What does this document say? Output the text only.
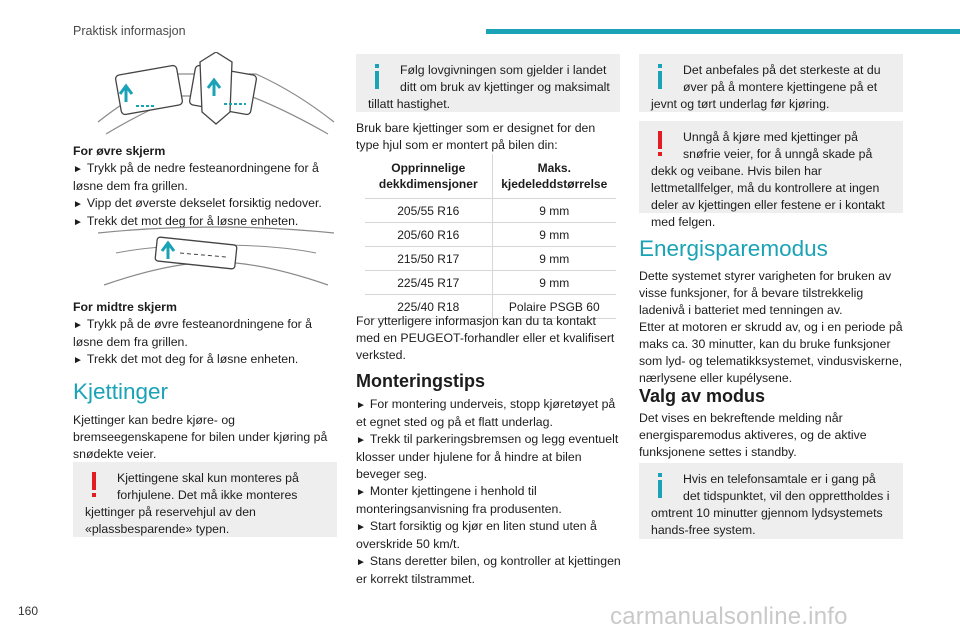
Praktisk informasjon

For øvre skjerm

► Trykk på de nedre festeanordningene for å løsne dem fra grillen.

► Vipp det øverste dekselet forsiktig nedover.

► Trekk det mot deg for å løsne enheten.

For midtre skjerm

► Trykk på de øvre festeanordningene for å løsne dem fra grillen.

► Trekk det mot deg for å løsne enheten.

Kjettinger
Kjettinger kan bedre kjøre- og bremseegenskapene for bilen under kjøring på snødekte veier.
Kjettingene skal kun monteres på forhjulene. Det må ikke monteres kjettinger på reservehjul av den «plassbesparende» typen.
Følg lovgivningen som gjelder i landet ditt om bruk av kjettinger og maksimalt tillatt hastighet.
Bruk bare kjettinger som er designet for den type hjul som er montert på bilen din:
Opprinnelige dekkdimensjoner	Maks. kjedeleddstørrelse
205/55 R16	9 mm
205/60 R16	9 mm
215/50 R17	9 mm
225/45 R17	9 mm
225/40 R18	Polaire PSGB 60
For ytterligere informasjon kan du ta kontakt med en PEUGEOT-forhandler eller et kvalifisert verksted.
Monteringstips

► For montering underveis, stopp kjøretøyet på et egnet sted og på et flatt underlag.

► Trekk til parkeringsbremsen og legg eventuelt klosser under hjulene for å hindre at bilen beveger seg.

► Monter kjettingene i henhold til monteringsanvisning fra produsenten.

► Start forsiktig og kjør en liten stund uten å overskride 50 km/t.

► Stans deretter bilen, og kontroller at kjettingen er korrekt tilstrammet.

Det anbefales på det sterkeste at du øver på å montere kjettingene på et jevnt og tørt underlag før kjøring.
Unngå å kjøre med kjettinger på snøfrie veier, for å unngå skade på dekk og veibane. Hvis bilen har lettmetallfelger, må du kontrollere at ingen deler av kjettingen eller festene er i kontakt med felgen.
Energisparemodus

Dette systemet styrer varigheten for bruken av visse funksjoner, for å bevare tilstrekkelig ladenivå i batteriet med tenningen av.

Etter at motoren er skrudd av, og i en periode på maks ca. 30 minutter, kan du bruke funksjoner som lyd- og telematikksystemet, vindusviskerne, nærlysene eller kupélysene.

Valg av modus
Det vises en bekreftende melding når energisparemodus aktiveres, og de aktive funksjonene settes i standby.
Hvis en telefonsamtale er i gang på det tidspunktet, vil den opprettholdes i omtrent 10 minutter gjennom lydsystemets hands-free system.
160	carmanualsonline.info
